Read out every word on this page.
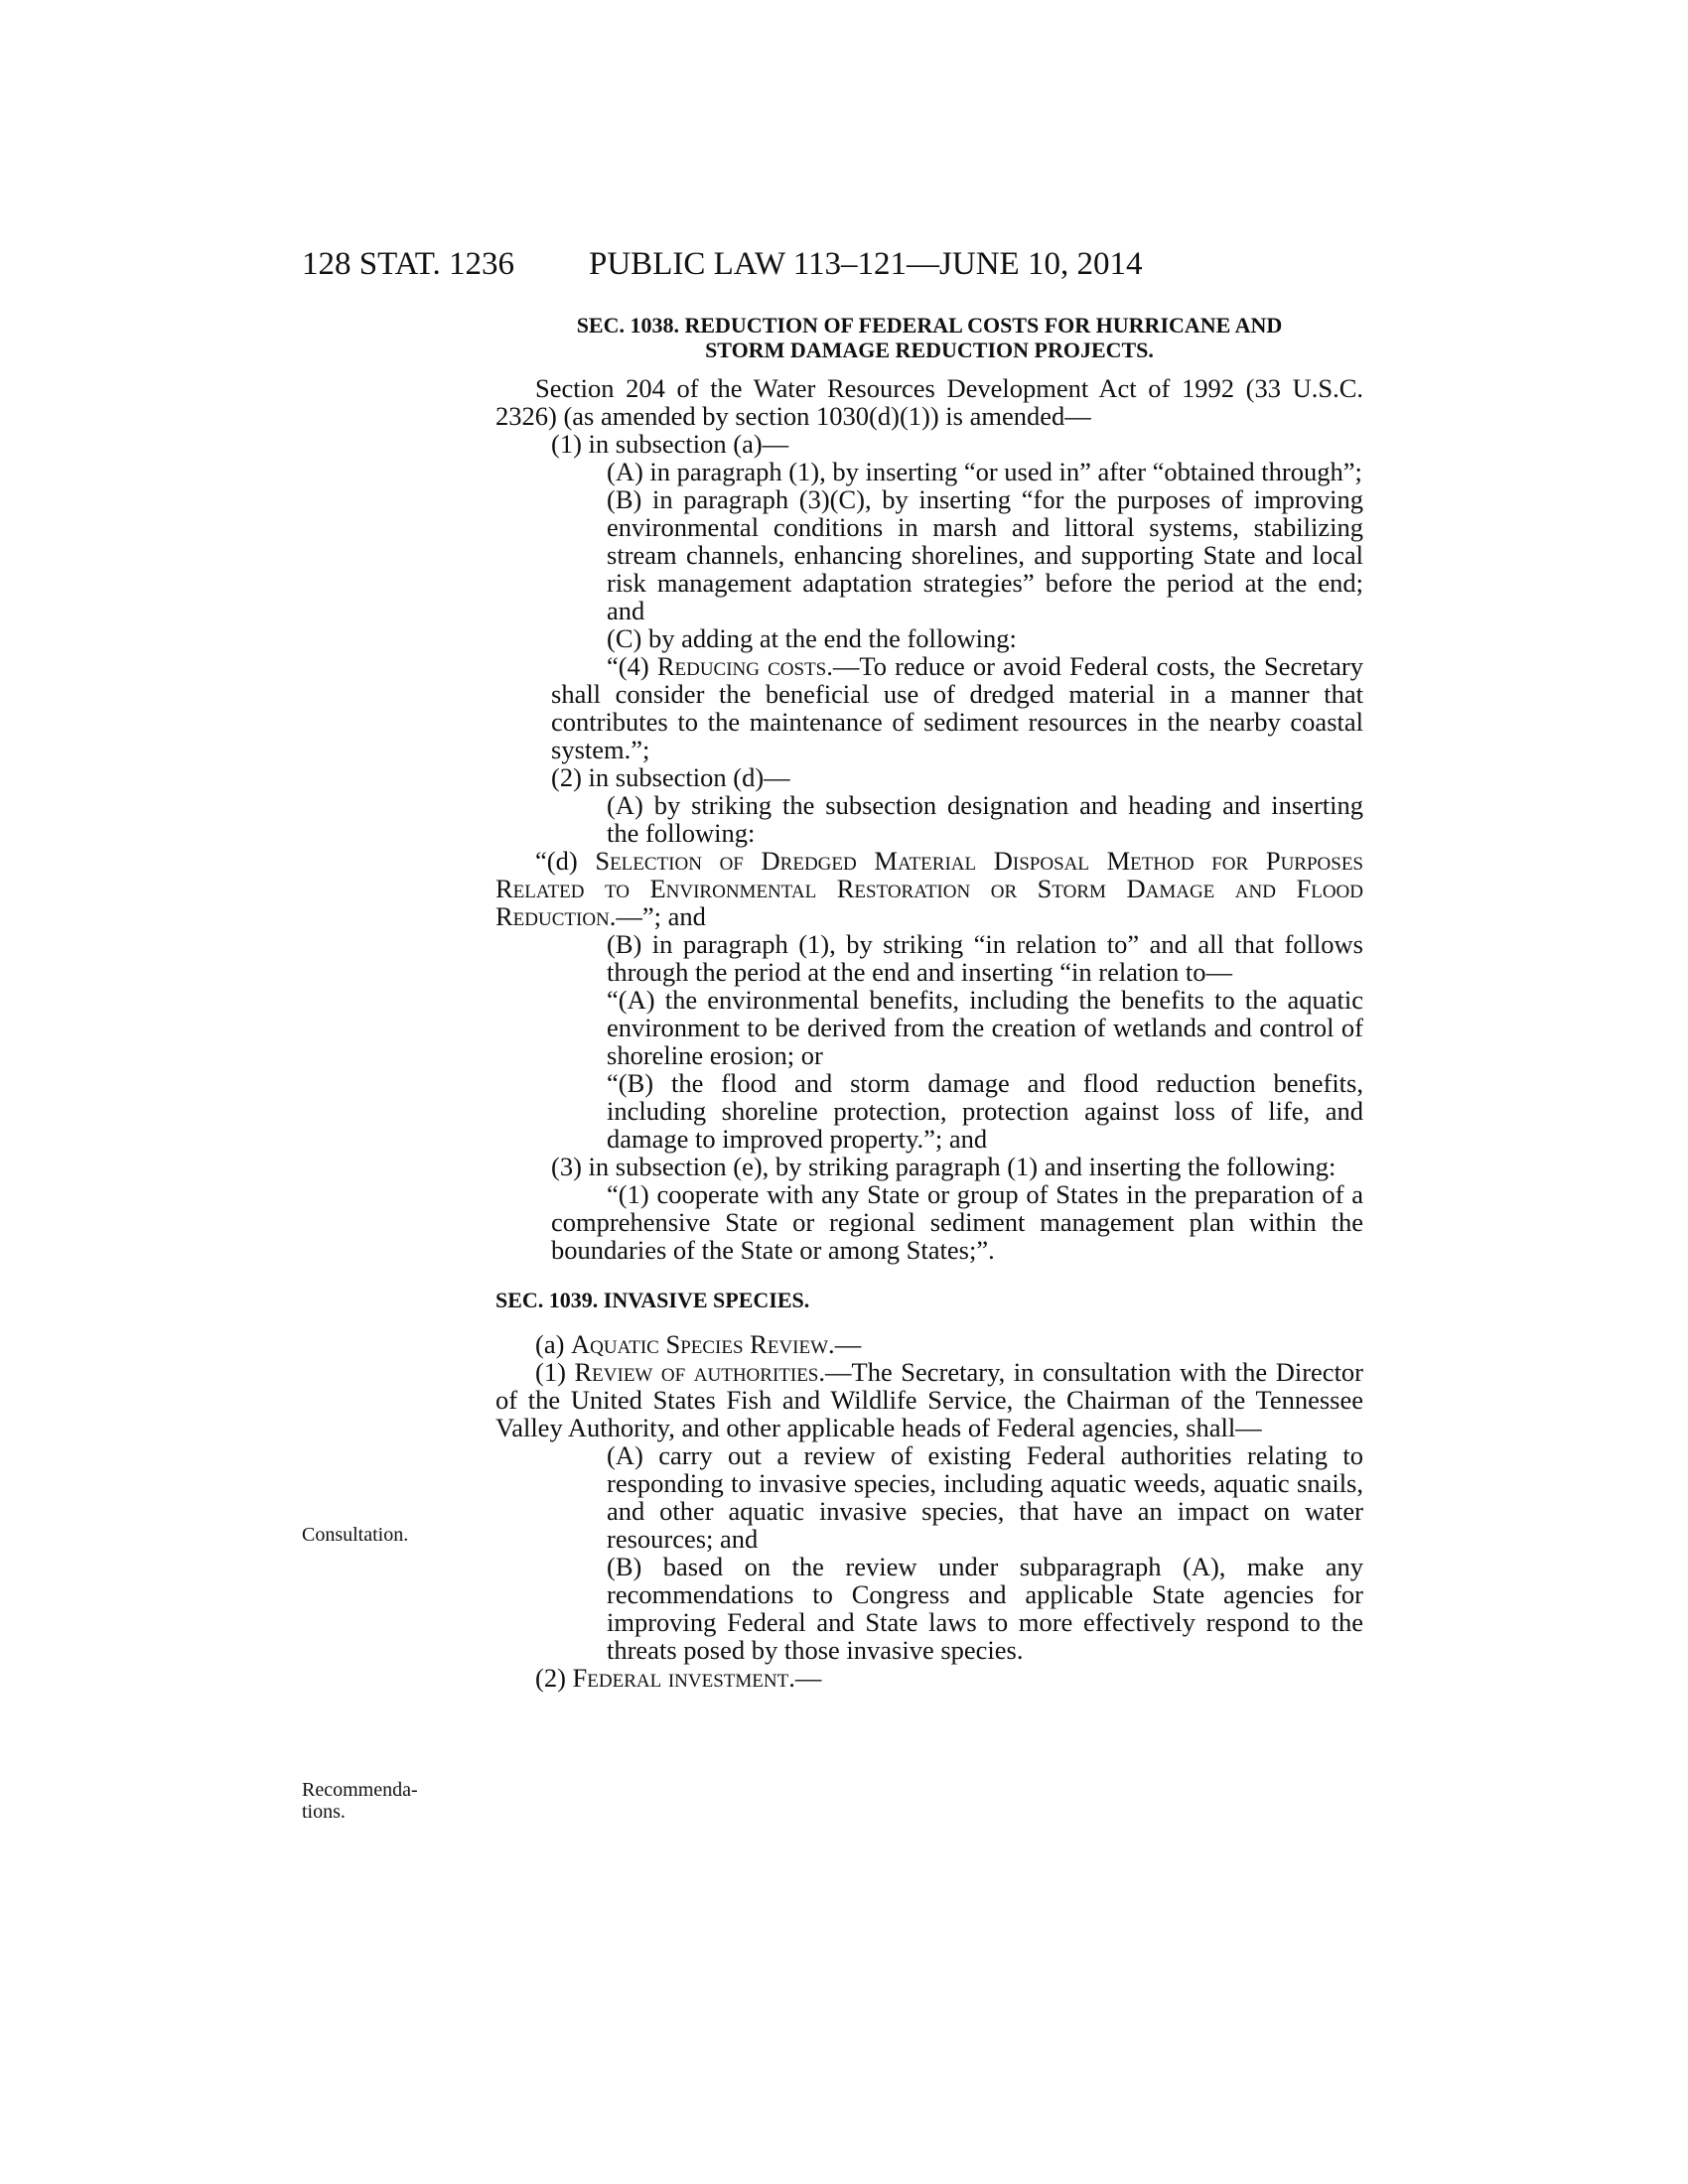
128 STAT. 1236 PUBLIC LAW 113–121—JUNE 10, 2014
Consultation.
Recommenda-
tions.
SEC. 1038. REDUCTION OF FEDERAL COSTS FOR HURRICANE AND
STORM DAMAGE REDUCTION PROJECTS.

Section 204 of the Water Resources Development Act of 1992 (33 U.S.C. 2326) (as amended by section 1030(d)(1)) is amended—

(1) in subsection (a)—

(A) in paragraph (1), by inserting “or used in” after “obtained through”;

(B) in paragraph (3)(C), by inserting “for the purposes of improving environmental conditions in marsh and littoral systems, stabilizing stream channels, enhancing shorelines, and supporting State and local risk management adaptation strategies” before the period at the end; and

(C) by adding at the end the following:

“(4) Reducing costs.—To reduce or avoid Federal costs, the Secretary shall consider the beneficial use of dredged material in a manner that contributes to the maintenance of sediment resources in the nearby coastal system.”;

(2) in subsection (d)—

(A) by striking the subsection designation and heading and inserting the following:

“(d) Selection of Dredged Material Disposal Method for Purposes Related to Environmental Restoration or Storm Damage and Flood Reduction.—”; and

(B) in paragraph (1), by striking “in relation to” and all that follows through the period at the end and inserting “in relation to—

“(A) the environmental benefits, including the benefits to the aquatic environment to be derived from the creation of wetlands and control of shoreline erosion; or

“(B) the flood and storm damage and flood reduction benefits, including shoreline protection, protection against loss of life, and damage to improved property.”; and

(3) in subsection (e), by striking paragraph (1) and inserting the following:

“(1) cooperate with any State or group of States in the preparation of a comprehensive State or regional sediment management plan within the boundaries of the State or among States;”.

SEC. 1039. INVASIVE SPECIES.

(a) Aquatic Species Review.—

(1) Review of authorities.—The Secretary, in consultation with the Director of the United States Fish and Wildlife Service, the Chairman of the Tennessee Valley Authority, and other applicable heads of Federal agencies, shall—

(A) carry out a review of existing Federal authorities relating to responding to invasive species, including aquatic weeds, aquatic snails, and other aquatic invasive species, that have an impact on water resources; and

(B) based on the review under subparagraph (A), make any recommendations to Congress and applicable State agencies for improving Federal and State laws to more effectively respond to the threats posed by those invasive species.

(2) Federal investment.—
